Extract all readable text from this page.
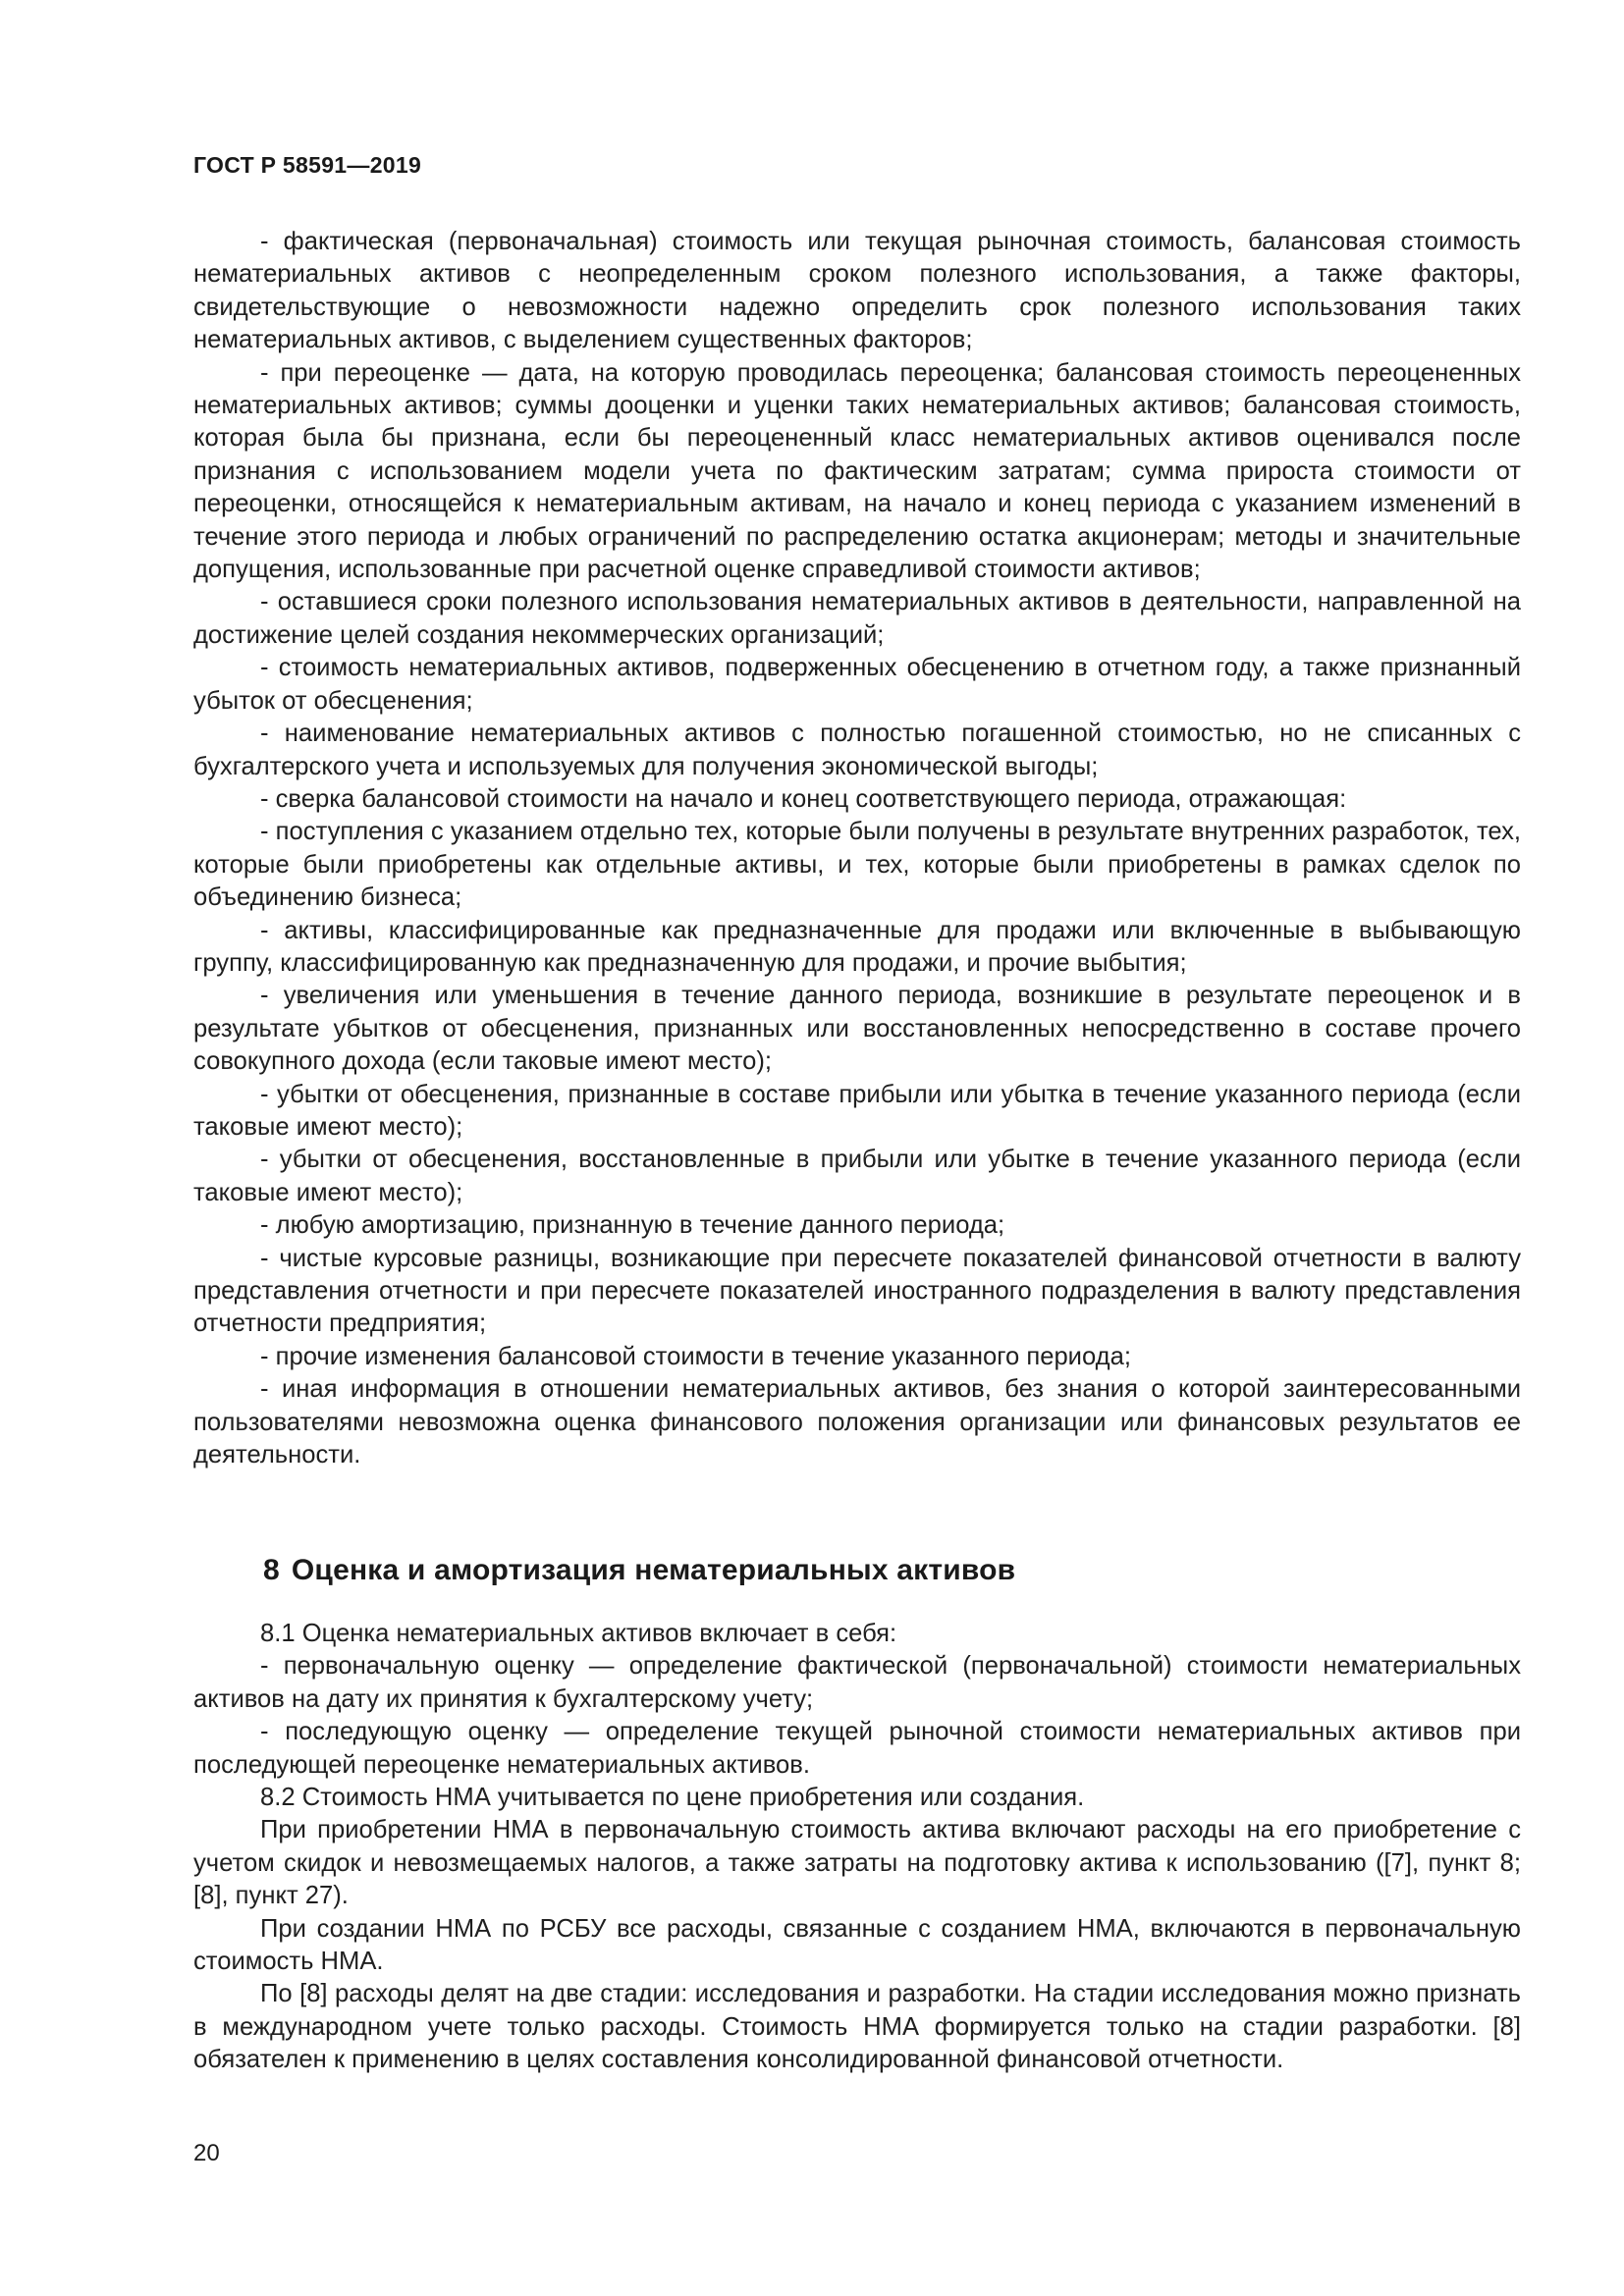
ГОСТ Р 58591—2019

- фактическая (первоначальная) стоимость или текущая рыночная стоимость, балансовая стоимость нематериальных активов с неопределенным сроком полезного использования, а также факторы, свидетельствующие о невозможности надежно определить срок полезного использования таких нематериальных активов, с выделением существенных факторов;

- при переоценке — дата, на которую проводилась переоценка; балансовая стоимость переоцененных нематериальных активов; суммы дооценки и уценки таких нематериальных активов; балансовая стоимость, которая была бы признана, если бы переоцененный класс нематериальных активов оценивался после признания с использованием модели учета по фактическим затратам; сумма прироста стоимости от переоценки, относящейся к нематериальным активам, на начало и конец периода с указанием изменений в течение этого периода и любых ограничений по распределению остатка акционерам; методы и значительные допущения, использованные при расчетной оценке справедливой стоимости активов;

- оставшиеся сроки полезного использования нематериальных активов в деятельности, направленной на достижение целей создания некоммерческих организаций;

- стоимость нематериальных активов, подверженных обесценению в отчетном году, а также признанный убыток от обесценения;

- наименование нематериальных активов с полностью погашенной стоимостью, но не списанных с бухгалтерского учета и используемых для получения экономической выгоды;

- сверка балансовой стоимости на начало и конец соответствующего периода, отражающая:

- поступления с указанием отдельно тех, которые были получены в результате внутренних разработок, тех, которые были приобретены как отдельные активы, и тех, которые были приобретены в рамках сделок по объединению бизнеса;

- активы, классифицированные как предназначенные для продажи или включенные в выбывающую группу, классифицированную как предназначенную для продажи, и прочие выбытия;

- увеличения или уменьшения в течение данного периода, возникшие в результате переоценок и в результате убытков от обесценения, признанных или восстановленных непосредственно в составе прочего совокупного дохода (если таковые имеют место);

- убытки от обесценения, признанные в составе прибыли или убытка в течение указанного периода (если таковые имеют место);

- убытки от обесценения, восстановленные в прибыли или убытке в течение указанного периода (если таковые имеют место);

- любую амортизацию, признанную в течение данного периода;

- чистые курсовые разницы, возникающие при пересчете показателей финансовой отчетности в валюту представления отчетности и при пересчете показателей иностранного подразделения в валюту представления отчетности предприятия;

- прочие изменения балансовой стоимости в течение указанного периода;

- иная информация в отношении нематериальных активов, без знания о которой заинтересованными пользователями невозможна оценка финансового положения организации или финансовых результатов ее деятельности.

8 Оценка и амортизация нематериальных активов

8.1 Оценка нематериальных активов включает в себя:

- первоначальную оценку — определение фактической (первоначальной) стоимости нематериальных активов на дату их принятия к бухгалтерскому учету;

- последующую оценку — определение текущей рыночной стоимости нематериальных активов при последующей переоценке нематериальных активов.

8.2 Стоимость НМА учитывается по цене приобретения или создания.

При приобретении НМА в первоначальную стоимость актива включают расходы на его приобретение с учетом скидок и невозмещаемых налогов, а также затраты на подготовку актива к использованию ([7], пункт 8; [8], пункт 27).

При создании НМА по РСБУ все расходы, связанные с созданием НМА, включаются в первоначальную стоимость НМА.

По [8] расходы делят на две стадии: исследования и разработки. На стадии исследования можно признать в международном учете только расходы. Стоимость НМА формируется только на стадии разработки. [8] обязателен к применению в целях составления консолидированной финансовой отчетности.

20
